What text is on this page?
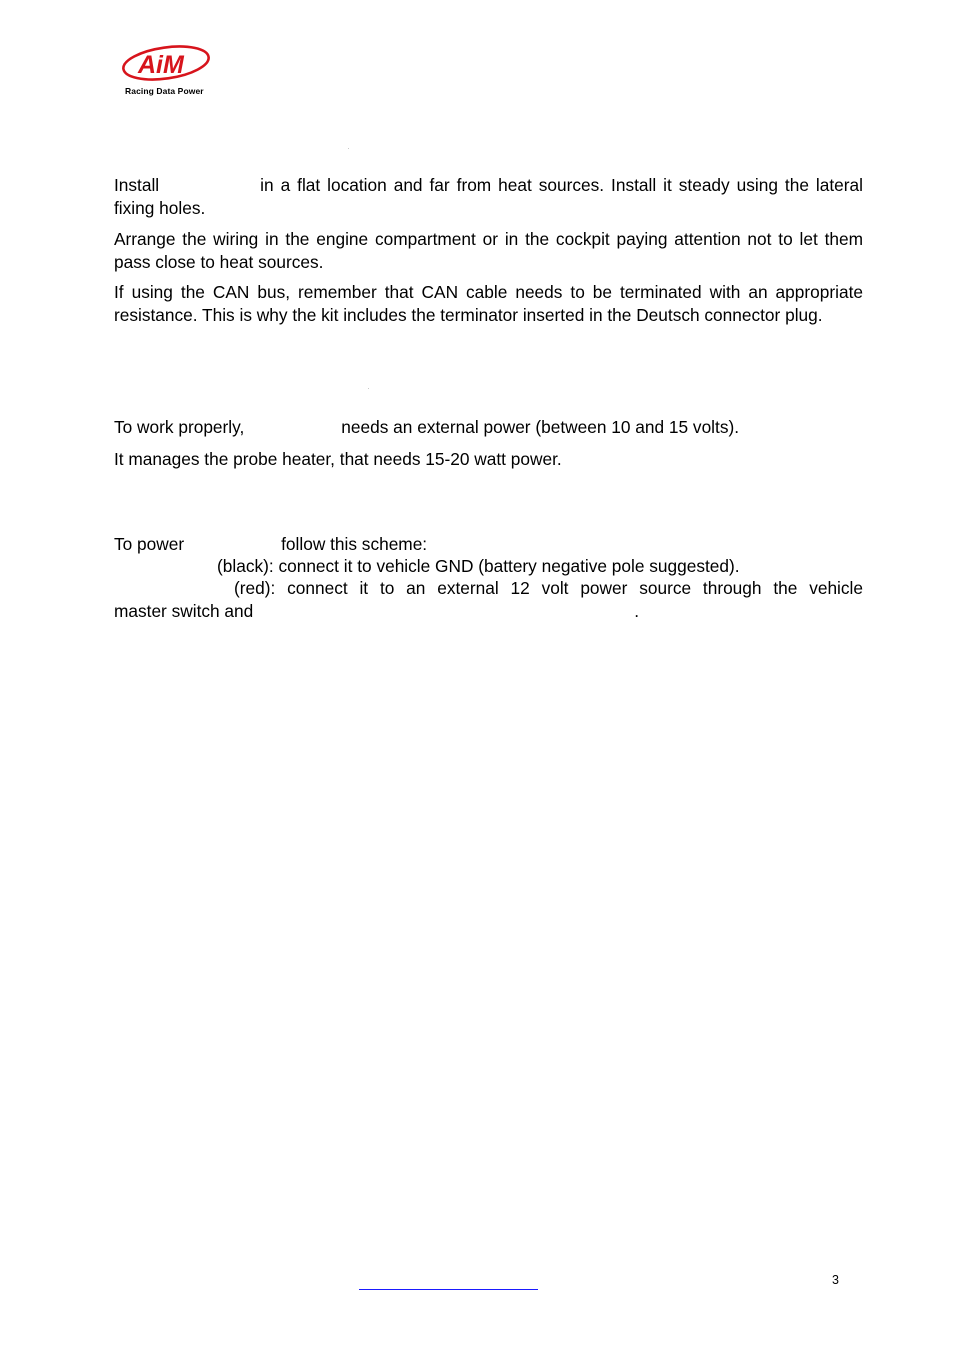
AiM
Racing Data Power

Install	in a flat location and far from heat sources. Install it steady using the lateral fixing holes.

Arrange the wiring in the engine compartment or in the cockpit paying attention not to let them pass close to heat sources.

If using the CAN bus, remember that CAN cable needs to be terminated with an appropriate resistance. This is why the kit includes the terminator inserted in the Deutsch connector plug.

To work properly,	needs an external power (between 10 and 15 volts).

It manages the probe heater, that needs 15-20 watt power.

To power	follow this scheme:

(black): connect it to vehicle GND (battery negative pole suggested).

(red): connect it to an external 12 volt power source through the vehicle

master switch and	.

3
